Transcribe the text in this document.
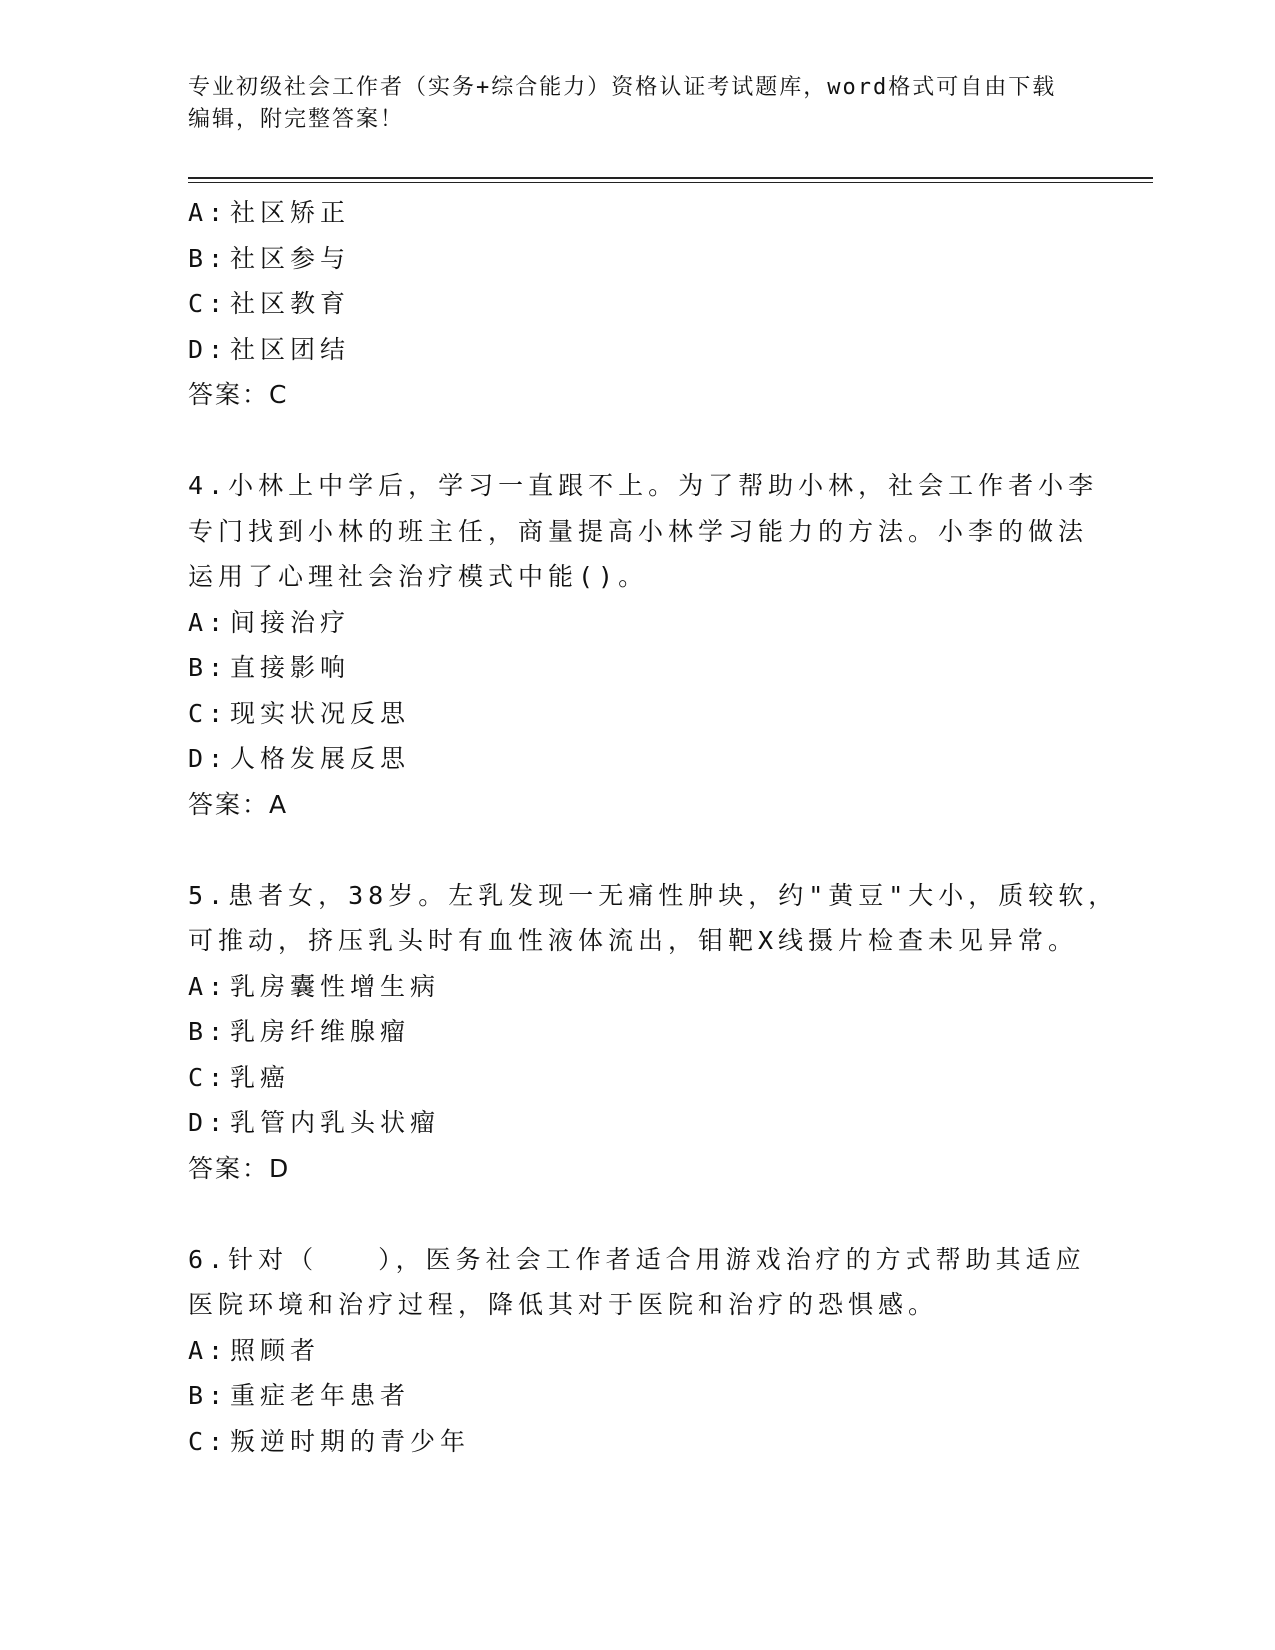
专业初级社会工作者（实务+综合能力）资格认证考试题库，word格式可自由下载
编辑，附完整答案！
A:社区矫正
B:社区参与
C:社区教育
D:社区团结
答案：C
4.小林上中学后，学习一直跟不上。为了帮助小林，社会工作者小李
专门找到小林的班主任，商量提高小林学习能力的方法。小李的做法
运用了心理社会治疗模式中能()。
A:间接治疗
B:直接影响
C:现实状况反思
D:人格发展反思
答案：A
5.患者女，38岁。左乳发现一无痛性肿块，约"黄豆"大小，质较软，
可推动，挤压乳头时有血性液体流出，钼靶X线摄片检查未见异常。
A:乳房囊性增生病
B:乳房纤维腺瘤
C:乳癌
D:乳管内乳头状瘤
答案：D
6.针对（　　），医务社会工作者适合用游戏治疗的方式帮助其适应
医院环境和治疗过程，降低其对于医院和治疗的恐惧感。
A:照顾者
B:重症老年患者
C:叛逆时期的青少年
